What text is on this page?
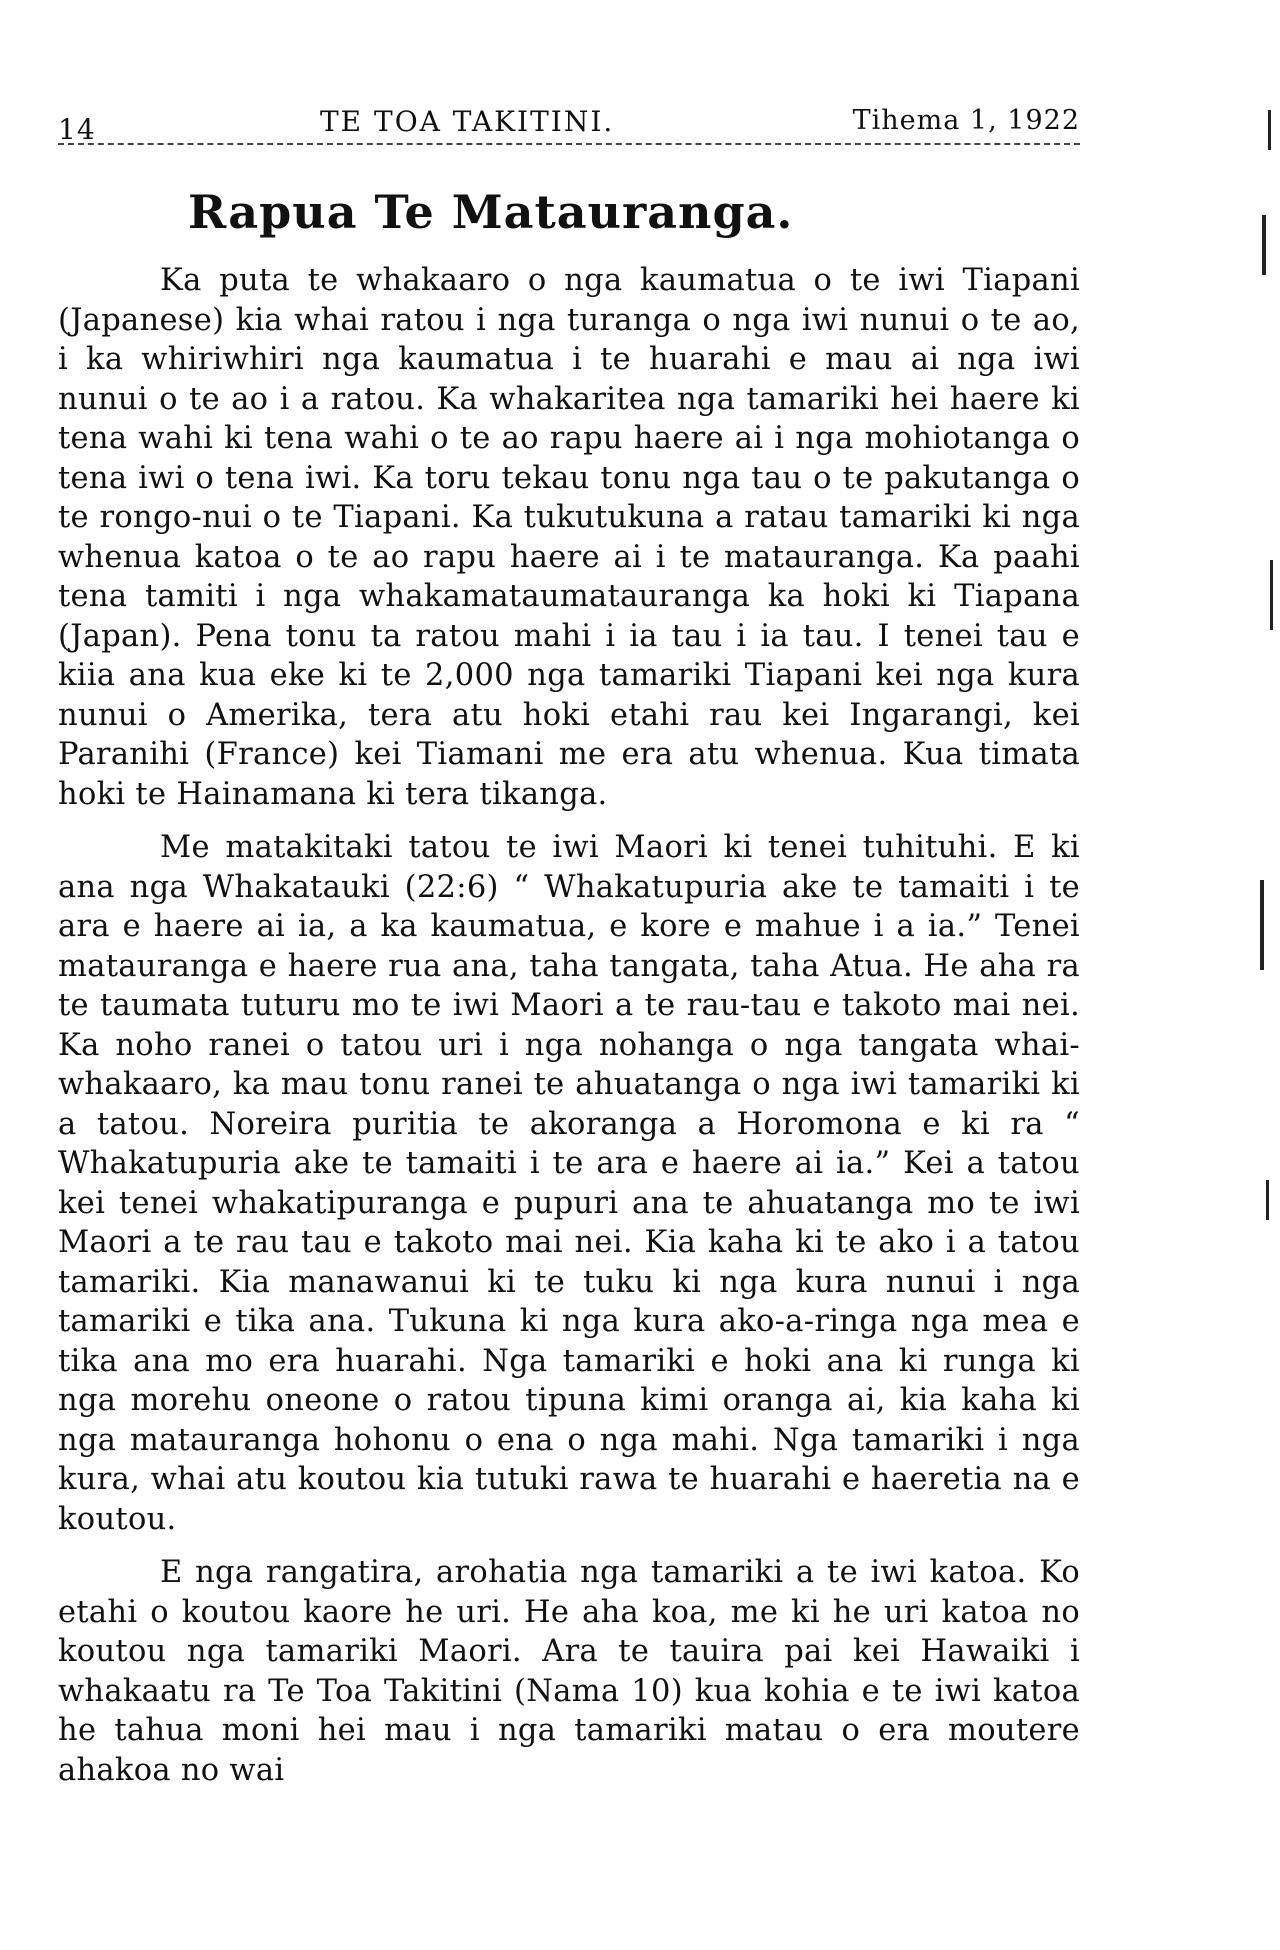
14	TE TOA TAKITINI.	Tihema 1, 1922
Rapua Te Matauranga.

Ka puta te whakaaro o nga kaumatua o te iwi Tiapani (Japanese) kia whai ratou i nga turanga o nga iwi nunui o te ao, i ka whiriwhiri nga kaumatua i te huarahi e mau ai nga iwi nunui o te ao i a ratou. Ka whakaritea nga tamariki hei haere ki tena wahi ki tena wahi o te ao rapu haere ai i nga mohiotanga o tena iwi o tena iwi. Ka toru tekau tonu nga tau o te pakutanga o te rongo-nui o te Tiapani. Ka tukutukuna a ratau tamariki ki nga whenua katoa o te ao rapu haere ai i te matauranga. Ka paahi tena tamiti i nga whakamataumatauranga ka hoki ki Tiapana (Japan). Pena tonu ta ratou mahi i ia tau i ia tau. I tenei tau e kiia ana kua eke ki te 2,000 nga tamariki Tiapani kei nga kura nunui o Amerika, tera atu hoki etahi rau kei Ingarangi, kei Paranihi (France) kei Tiamani me era atu whenua. Kua timata hoki te Hainamana ki tera tikanga.

Me matakitaki tatou te iwi Maori ki tenei tuhituhi. E ki ana nga Whakatauki (22:6) “ Whakatupuria ake te tamaiti i te ara e haere ai ia, a ka kaumatua, e kore e mahue i a ia.” Tenei matauranga e haere rua ana, taha tangata, taha Atua. He aha ra te taumata tuturu mo te iwi Maori a te rau-tau e takoto mai nei. Ka noho ranei o tatou uri i nga nohanga o nga tangata whai-whakaaro, ka mau tonu ranei te ahuatanga o nga iwi tamariki ki a tatou. Noreira puritia te akoranga a Horomona e ki ra “ Whakatupuria ake te tamaiti i te ara e haere ai ia.” Kei a tatou kei tenei whakatipuranga e pupuri ana te ahuatanga mo te iwi Maori a te rau tau e takoto mai nei. Kia kaha ki te ako i a tatou tamariki. Kia manawanui ki te tuku ki nga kura nunui i nga tamariki e tika ana. Tukuna ki nga kura ako-a-ringa nga mea e tika ana mo era huarahi. Nga tamariki e hoki ana ki runga ki nga morehu oneone o ratou tipuna kimi oranga ai, kia kaha ki nga matauranga hohonu o ena o nga mahi. Nga tamariki i nga kura, whai atu koutou kia tutuki rawa te huarahi e haeretia na e koutou.

E nga rangatira, arohatia nga tamariki a te iwi katoa. Ko etahi o koutou kaore he uri. He aha koa, me ki he uri katoa no koutou nga tamariki Maori. Ara te tauira pai kei Hawaiki i whakaatu ra Te Toa Takitini (Nama 10) kua kohia e te iwi katoa he tahua moni hei mau i nga tamariki matau o era moutere ahakoa no wai
